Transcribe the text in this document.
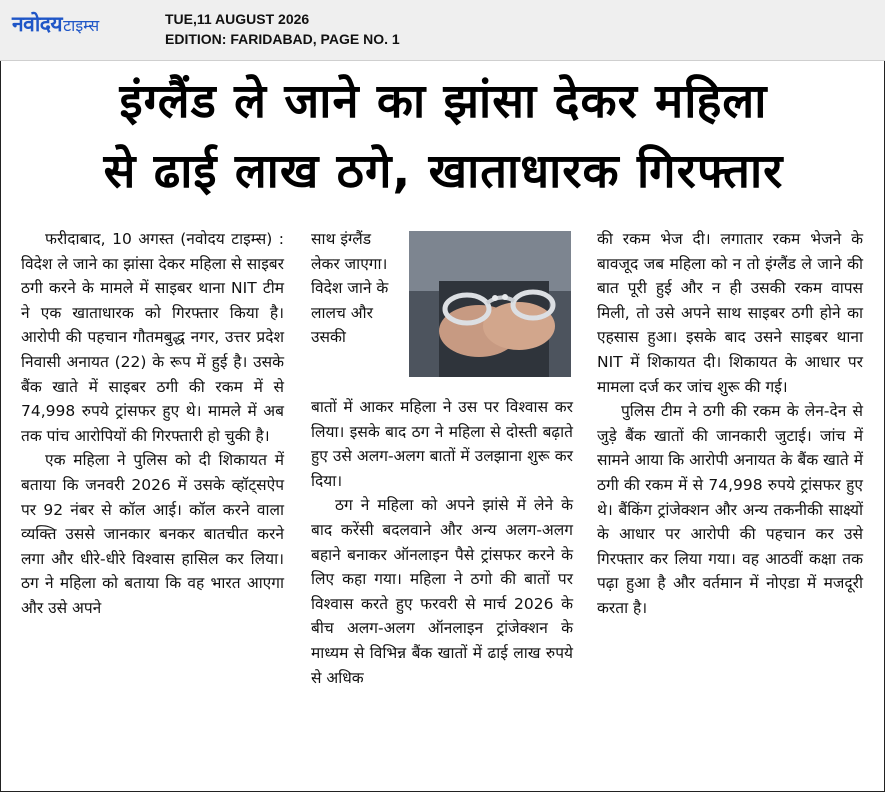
नवोदय टाइम्स	TUE,11 AUGUST 2026
EDITION: FARIDABAD, PAGE NO. 1
इंग्लैंड ले जाने का झांसा देकर महिला
से ढाई लाख ठगे, खाताधारक गिरफ्तार

फरीदाबाद, 10 अगस्त (नवोदय टाइम्स) : विदेश ले जाने का झांसा देकर महिला से साइबर ठगी करने के मामले में साइबर थाना NIT टीम ने एक खाताधारक को गिरफ्तार किया है। आरोपी की पहचान गौतमबुद्ध नगर, उत्तर प्रदेश निवासी अनायत (22) के रूप में हुई है। उसके बैंक खाते में साइबर ठगी की रकम में से 74,998 रुपये ट्रांसफर हुए थे। मामले में अब तक पांच आरोपियों की गिरफ्तारी हो चुकी है।

एक महिला ने पुलिस को दी शिकायत में बताया कि जनवरी 2026 में उसके व्हॉट्सऐप पर 92 नंबर से कॉल आई। कॉल करने वाला व्यक्ति उससे जानकार बनकर बातचीत करने लगा और धीरे-धीरे विश्वास हासिल कर लिया। ठग ने महिला को बताया कि वह भारत आएगा और उसे अपने

साथ इंग्लैंड लेकर जाएगा। विदेश जाने के लालच और उसकी

बातों में आकर महिला ने उस पर विश्वास कर लिया। इसके बाद ठग ने महिला से दोस्ती बढ़ाते हुए उसे अलग-अलग बातों में उलझाना शुरू कर दिया।

ठग ने महिला को अपने झांसे में लेने के बाद करेंसी बदलवाने और अन्य अलग-अलग बहाने बनाकर ऑनलाइन पैसे ट्रांसफर करने के लिए कहा गया। महिला ने ठगो की बातों पर विश्वास करते हुए फरवरी से मार्च 2026 के बीच अलग-अलग ऑनलाइन ट्रांजेक्शन के माध्यम से विभिन्न बैंक खातों में ढाई लाख रुपये से अधिक

की रकम भेज दी। लगातार रकम भेजने के बावजूद जब महिला को न तो इंग्लैंड ले जाने की बात पूरी हुई और न ही उसकी रकम वापस मिली, तो उसे अपने साथ साइबर ठगी होने का एहसास हुआ। इसके बाद उसने साइबर थाना NIT में शिकायत दी। शिकायत के आधार पर मामला दर्ज कर जांच शुरू की गई।

पुलिस टीम ने ठगी की रकम के लेन-देन से जुड़े बैंक खातों की जानकारी जुटाई। जांच में सामने आया कि आरोपी अनायत के बैंक खाते में ठगी की रकम में से 74,998 रुपये ट्रांसफर हुए थे। बैंकिंग ट्रांजेक्शन और अन्य तकनीकी साक्ष्यों के आधार पर आरोपी की पहचान कर उसे गिरफ्तार कर लिया गया। वह आठवीं कक्षा तक पढ़ा हुआ है और वर्तमान में नोएडा में मजदूरी करता है।
